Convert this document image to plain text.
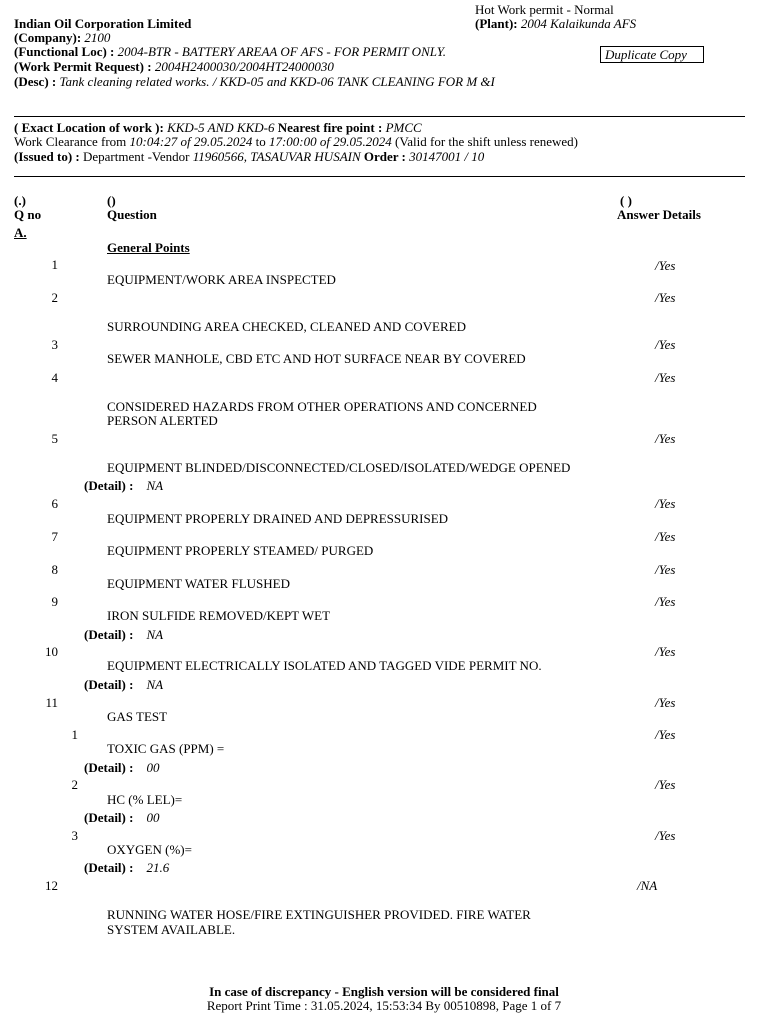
Indian Oil Corporation Limited
(Company): 2100
Hot Work permit - Normal
(Plant): 2004 Kalaikunda AFS
(Functional Loc) : 2004-BTR - BATTERY AREAA OF AFS - FOR PERMIT ONLY.	Duplicate Copy
(Work Permit Request) : 2004H2400030/2004HT24000030
(Desc) : Tank cleaning related works. / KKD-05 and KKD-06 TANK CLEANING FOR M &I
( Exact Location of work ): KKD-5 AND KKD-6 Nearest fire point : PMCC
Work Clearance from 10:04:27 of 29.05.2024 to 17:00:00 of 29.05.2024 (Valid for the shift unless renewed)
(Issued to) : Department -Vendor 11960566, TASAUVAR HUSAIN Order : 30147001 / 10
(.)
Q no
()
Question
( )
Answer Details
A.
General Points
1
EQUIPMENT/WORK AREA INSPECTED
/Yes
2
SURROUNDING AREA CHECKED, CLEANED AND COVERED
/Yes
3
SEWER MANHOLE, CBD ETC AND HOT SURFACE NEAR BY COVERED
/Yes
4
CONSIDERED HAZARDS FROM OTHER OPERATIONS AND CONCERNED
PERSON ALERTED
/Yes
5
EQUIPMENT BLINDED/DISCONNECTED/CLOSED/ISOLATED/WEDGE OPENED
/Yes
(Detail) : NA
6
EQUIPMENT PROPERLY DRAINED AND DEPRESSURISED
/Yes
7
EQUIPMENT PROPERLY STEAMED/ PURGED
/Yes
8
EQUIPMENT WATER FLUSHED
/Yes
9
IRON SULFIDE REMOVED/KEPT WET
/Yes
(Detail) : NA
10
EQUIPMENT ELECTRICALLY ISOLATED AND TAGGED VIDE PERMIT NO.
/Yes
(Detail) : NA
11
GAS TEST
/Yes
1
TOXIC GAS (PPM) =
/Yes
(Detail) : 00
2
HC (% LEL)=
/Yes
(Detail) : 00
3
OXYGEN (%)=
/Yes
(Detail) : 21.6
12
RUNNING WATER HOSE/FIRE EXTINGUISHER PROVIDED. FIRE WATER
SYSTEM AVAILABLE.
/NA
In case of discrepancy - English version will be considered final
Report Print Time : 31.05.2024, 15:53:34 By 00510898, Page 1 of 7
